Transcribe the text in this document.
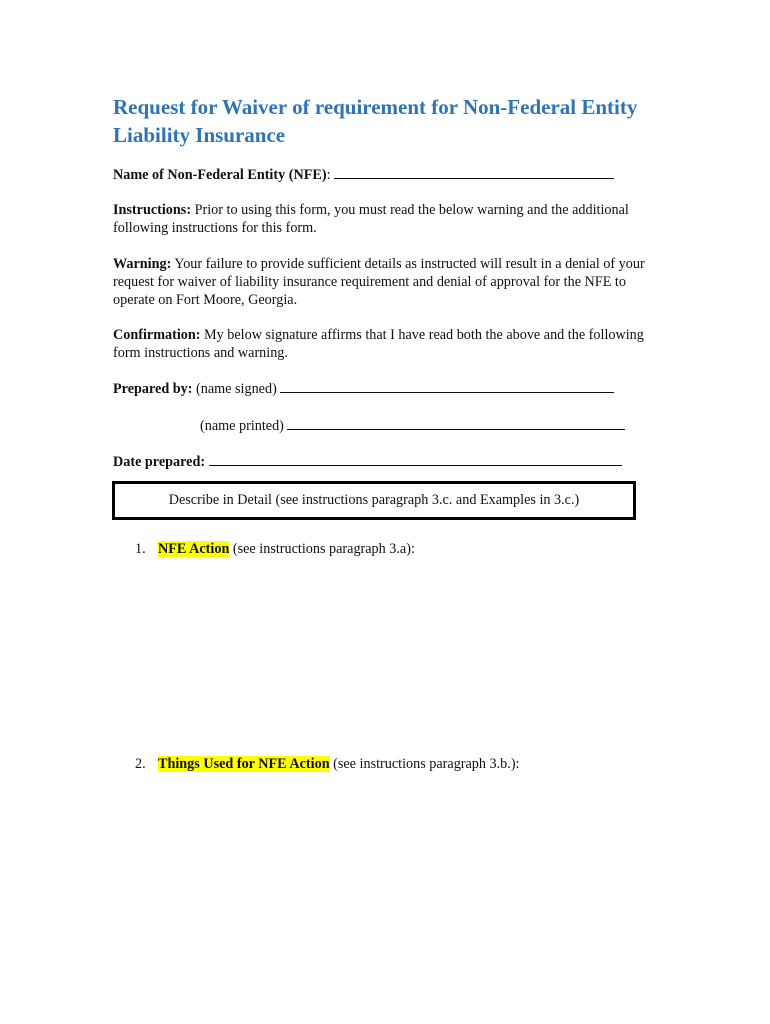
Request for Waiver of requirement for Non-Federal Entity Liability Insurance

Name of Non-Federal Entity (NFE):

Instructions: Prior to using this form, you must read the below warning and the additional following instructions for this form.

Warning: Your failure to provide sufficient details as instructed will result in a denial of your request for waiver of liability insurance requirement and denial of approval for the NFE to operate on Fort Moore, Georgia.

Confirmation: My below signature affirms that I have read both the above and the following form instructions and warning.

Prepared by: (name signed)

(name printed)

Date prepared:

Describe in Detail (see instructions paragraph 3.c. and Examples in 3.c.)

1. NFE Action (see instructions paragraph 3.a):

2. Things Used for NFE Action (see instructions paragraph 3.b.):
